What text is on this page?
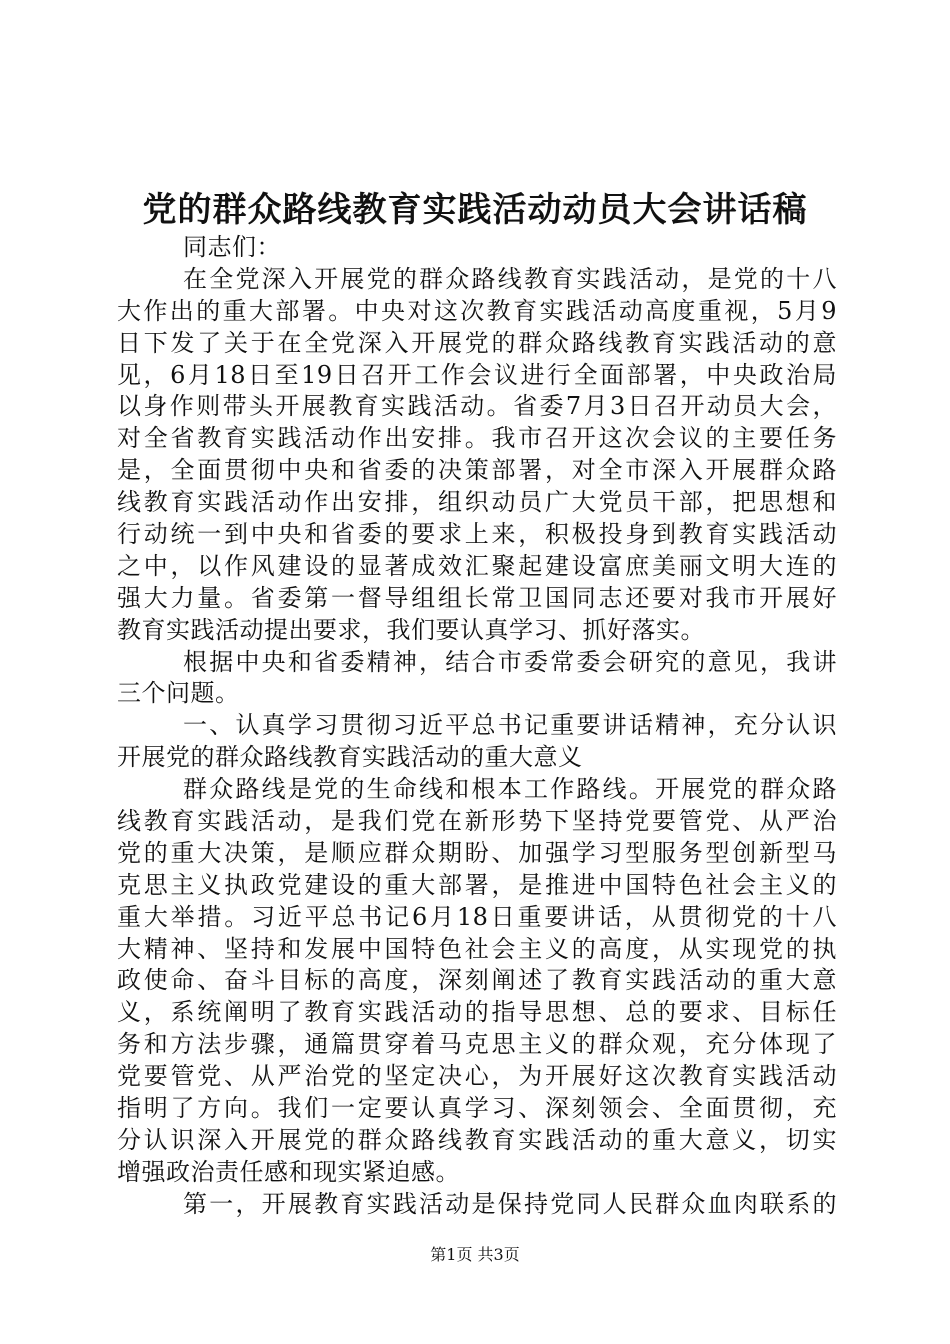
党的群众路线教育实践活动动员大会讲话稿
同志们：
在全党深入开展党的群众路线教育实践活动，是党的十八
大作出的重大部署。中央对这次教育实践活动高度重视，5月9
日下发了关于在全党深入开展党的群众路线教育实践活动的意
见，6月18日至19日召开工作会议进行全面部署，中央政治局
以身作则带头开展教育实践活动。省委7月3日召开动员大会，
对全省教育实践活动作出安排。我市召开这次会议的主要任务
是，全面贯彻中央和省委的决策部署，对全市深入开展群众路
线教育实践活动作出安排，组织动员广大党员干部，把思想和
行动统一到中央和省委的要求上来，积极投身到教育实践活动
之中，以作风建设的显著成效汇聚起建设富庶美丽文明大连的
强大力量。省委第一督导组组长常卫国同志还要对我市开展好
教育实践活动提出要求，我们要认真学习、抓好落实。
根据中央和省委精神，结合市委常委会研究的意见，我讲
三个问题。
一、认真学习贯彻习近平总书记重要讲话精神，充分认识
开展党的群众路线教育实践活动的重大意义
群众路线是党的生命线和根本工作路线。开展党的群众路
线教育实践活动，是我们党在新形势下坚持党要管党、从严治
党的重大决策，是顺应群众期盼、加强学习型服务型创新型马
克思主义执政党建设的重大部署，是推进中国特色社会主义的
重大举措。习近平总书记6月18日重要讲话，从贯彻党的十八
大精神、坚持和发展中国特色社会主义的高度，从实现党的执
政使命、奋斗目标的高度，深刻阐述了教育实践活动的重大意
义，系统阐明了教育实践活动的指导思想、总的要求、目标任
务和方法步骤，通篇贯穿着马克思主义的群众观，充分体现了
党要管党、从严治党的坚定决心，为开展好这次教育实践活动
指明了方向。我们一定要认真学习、深刻领会、全面贯彻，充
分认识深入开展党的群众路线教育实践活动的重大意义，切实
增强政治责任感和现实紧迫感。
第一，开展教育实践活动是保持党同人民群众血肉联系的
第1页 共3页
